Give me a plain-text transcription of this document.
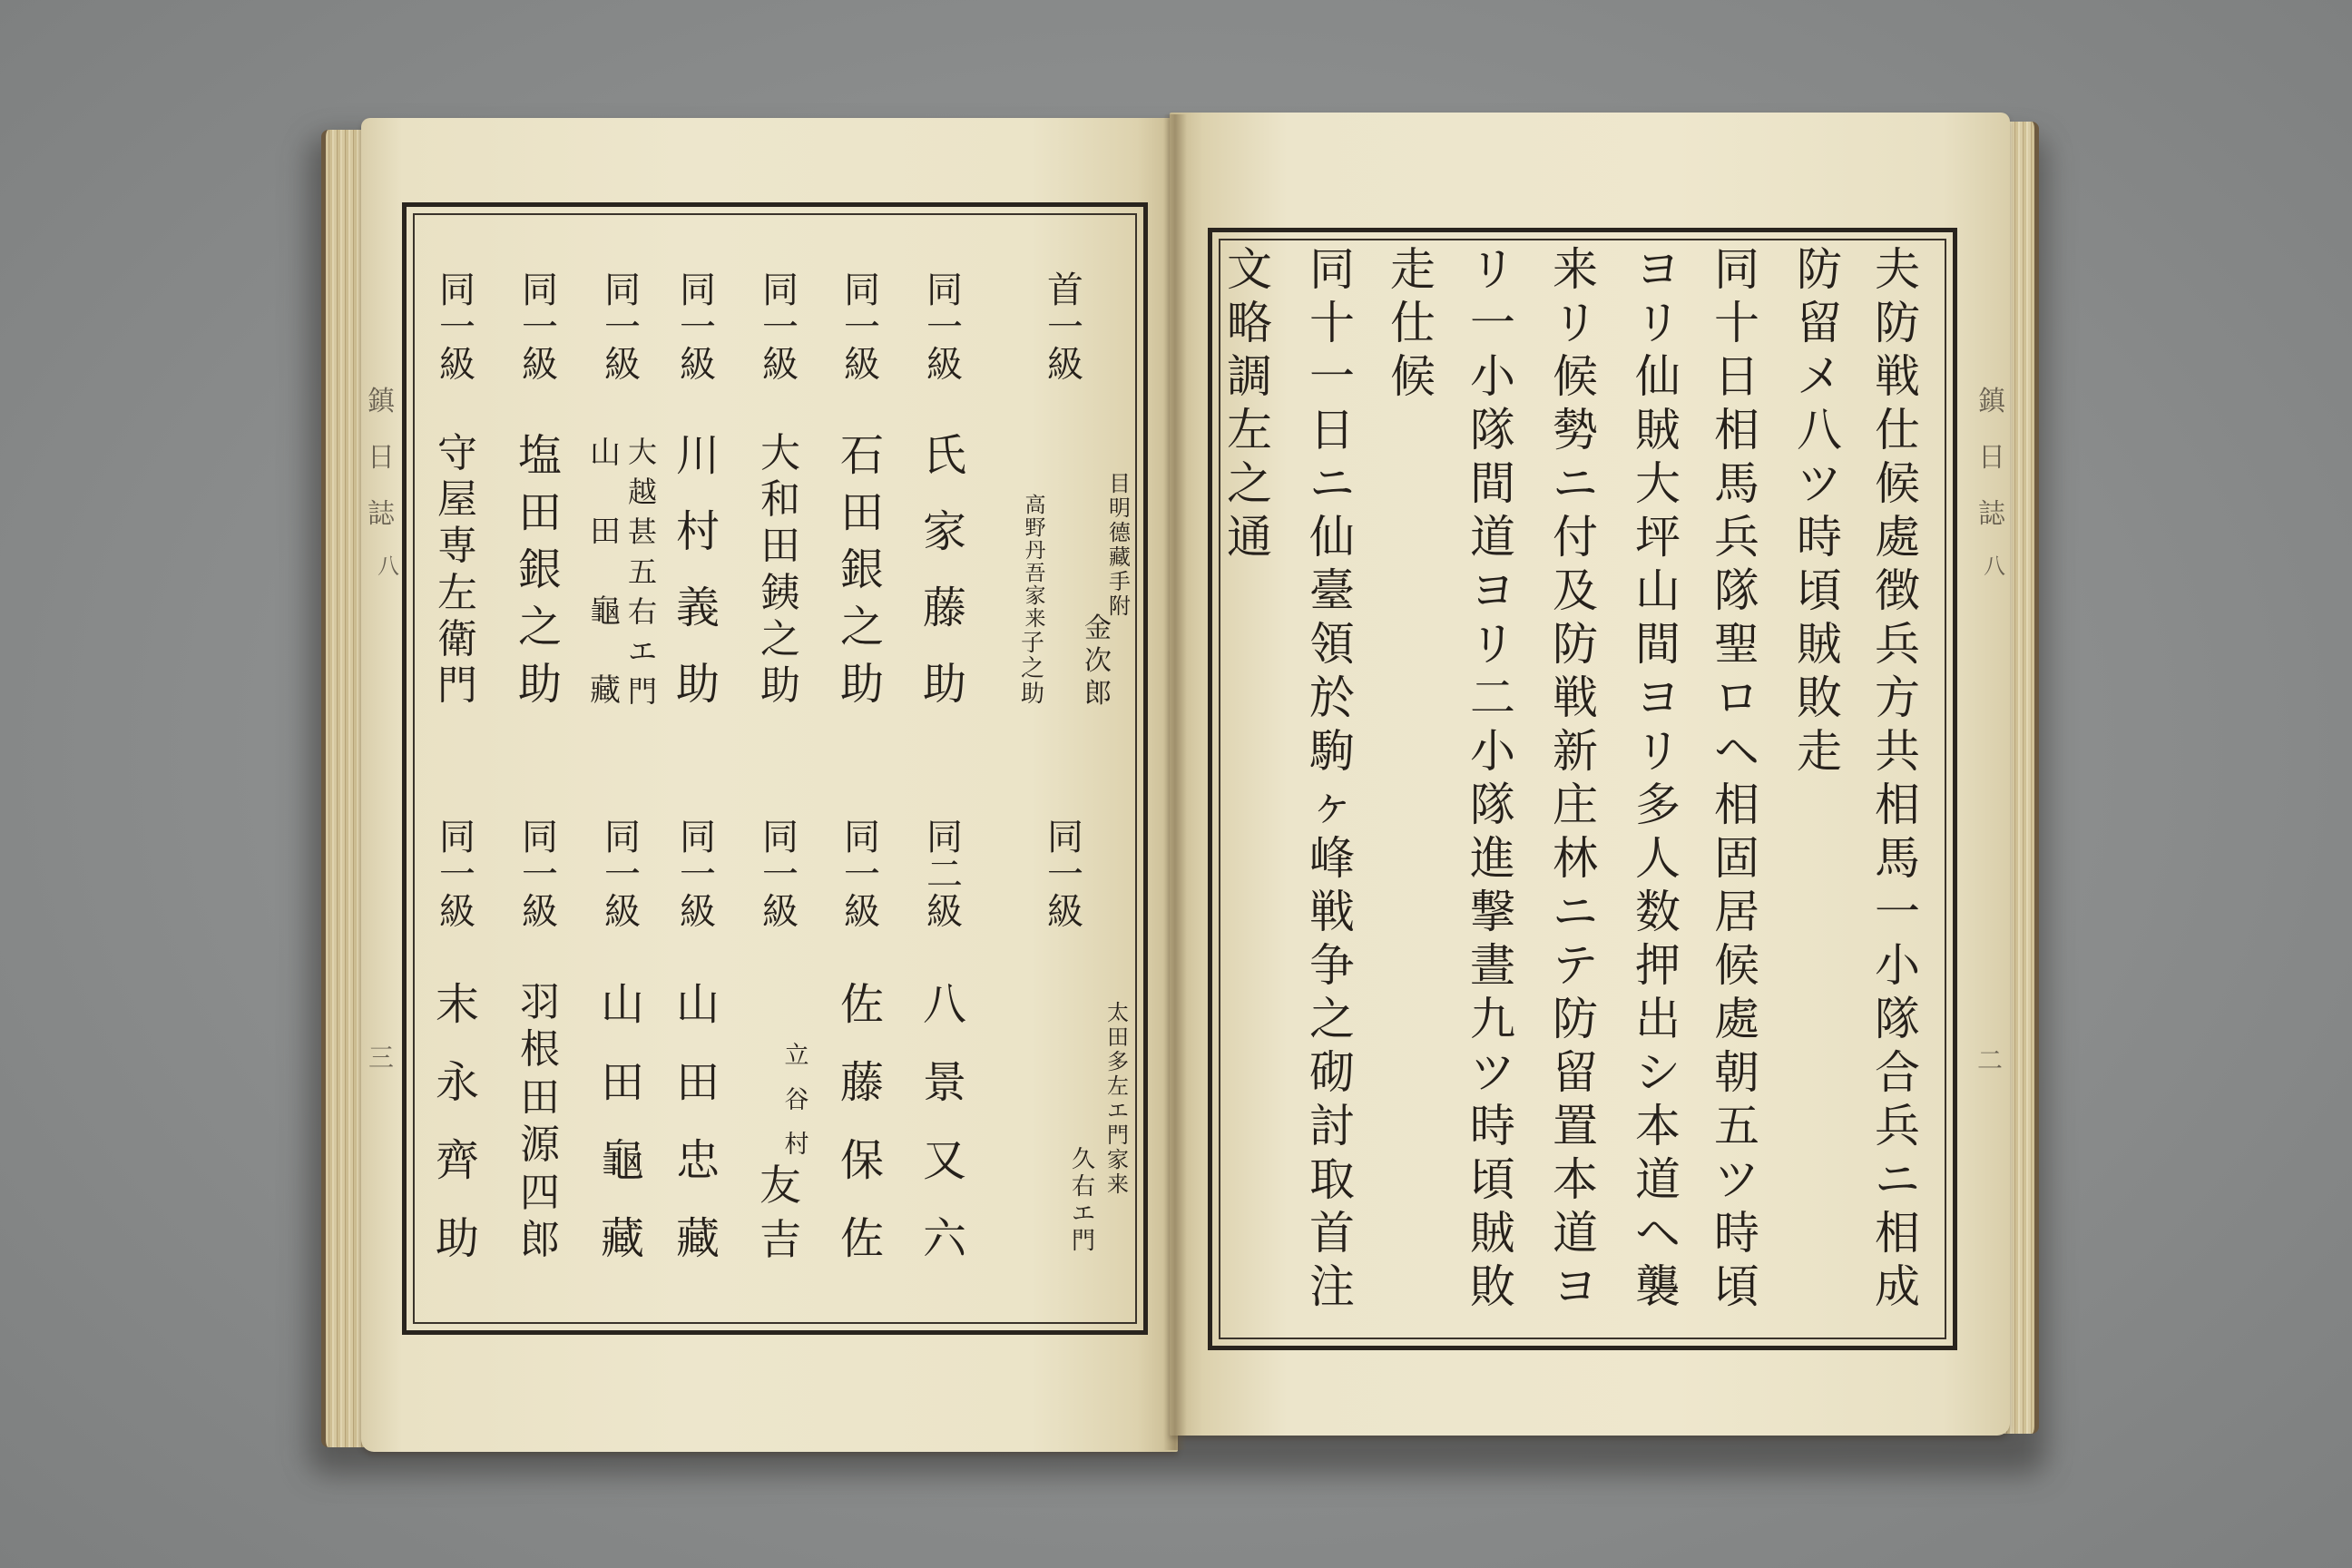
鎮
日
誌
八
三
首
一
級
目
明
德
藏
手
附
金
次
郎
高
野
丹
吾
家
来
子
之
助
同
一
級
氏
家
藤
助
同
一
級
石
田
銀
之
助
同
一
級
大
和
田
銕
之
助
同
一
級
川
村
義
助
同
一
級
大
越
甚
五
右
エ
門
山
田
龜
藏
同
一
級
塩
田
銀
之
助
同
一
級
守
屋
専
左
衛
門
同
一
級
太
田
多
左
エ
門
家
来
久
右
エ
門
同
二
級
八
景
又
六
同
一
級
佐
藤
保
佐
同
一
級
立
谷
村
友
吉
同
一
級
山
田
忠
藏
同
一
級
山
田
龜
藏
同
一
級
羽
根
田
源
四
郎
同
一
級
末
永
齊
助
鎮
日
誌
八
二
夫
防
戦
仕
候
處
徴
兵
方
共
相
馬
一
小
隊
合
兵
ニ
相
成
防
留
メ
八
ツ
時
頃
賊
敗
走
同
十
日
相
馬
兵
隊
聖
ロ
ヘ
相
固
居
候
處
朝
五
ツ
時
頃
ヨ
リ
仙
賊
大
坪
山
間
ヨ
リ
多
人
数
押
出
シ
本
道
ヘ
襲
来
リ
候
勢
ニ
付
及
防
戦
新
庄
林
ニ
テ
防
留
置
本
道
ヨ
リ
一
小
隊
間
道
ヨ
リ
二
小
隊
進
撃
晝
九
ツ
時
頃
賊
敗
走
仕
候
同
十
一
日
ニ
仙
臺
領
於
駒
ヶ
峰
戦
争
之
砌
討
取
首
注
文
略
調
左
之
通
